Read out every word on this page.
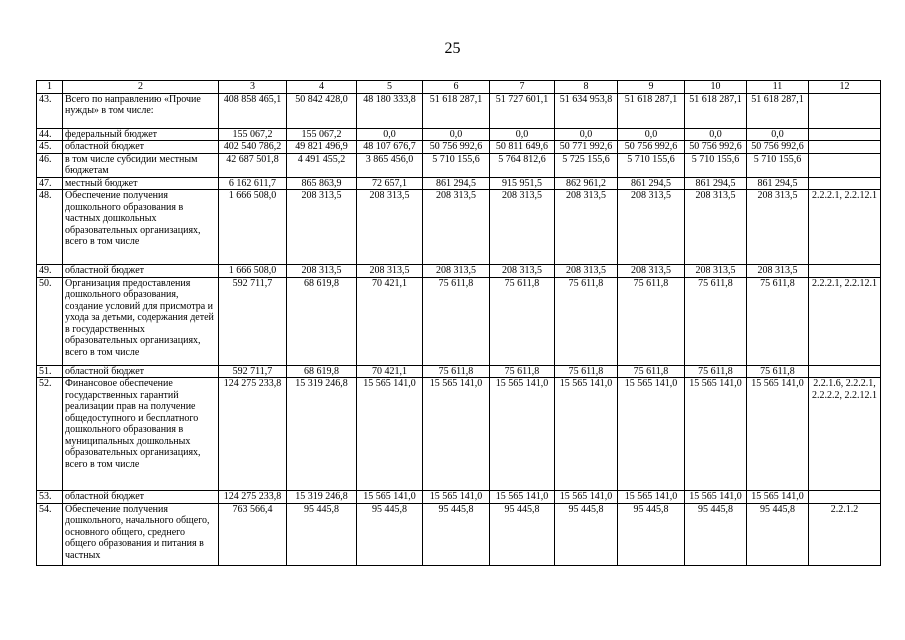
25
1	2	3	4	5	6	7	8	9	10	11	12
43.	Всего по направлению «Прочие нужды» в том числе:	408 858 465,1	50 842 428,0	48 180 333,8	51 618 287,1	51 727 601,1	51 634 953,8	51 618 287,1	51 618 287,1	51 618 287,1	
44.	федеральный бюджет	155 067,2	155 067,2	0,0	0,0	0,0	0,0	0,0	0,0	0,0	
45.	областной бюджет	402 540 786,2	49 821 496,9	48 107 676,7	50 756 992,6	50 811 649,6	50 771 992,6	50 756 992,6	50 756 992,6	50 756 992,6	
46.	в том числе субсидии местным бюджетам	42 687 501,8	4 491 455,2	3 865 456,0	5 710 155,6	5 764 812,6	5 725 155,6	5 710 155,6	5 710 155,6	5 710 155,6	
47.	местный бюджет	6 162 611,7	865 863,9	72 657,1	861 294,5	915 951,5	862 961,2	861 294,5	861 294,5	861 294,5	
48.	Обеспечение получения дошкольного образования в частных дошкольных образовательных организациях, всего в том числе	1 666 508,0	208 313,5	208 313,5	208 313,5	208 313,5	208 313,5	208 313,5	208 313,5	208 313,5	2.2.2.1, 2.2.12.1
49.	областной бюджет	1 666 508,0	208 313,5	208 313,5	208 313,5	208 313,5	208 313,5	208 313,5	208 313,5	208 313,5	
50.	Организация предоставления дошкольного образования, создание условий для присмотра и ухода за детьми, содержания детей в государственных образовательных организациях, всего в том числе	592 711,7	68 619,8	70 421,1	75 611,8	75 611,8	75 611,8	75 611,8	75 611,8	75 611,8	2.2.2.1, 2.2.12.1
51.	областной бюджет	592 711,7	68 619,8	70 421,1	75 611,8	75 611,8	75 611,8	75 611,8	75 611,8	75 611,8	
52.	Финансовое обеспечение государственных гарантий реализации прав на получение общедоступного и бесплатного дошкольного образования в муниципальных дошкольных образовательных организациях, всего в том числе	124 275 233,8	15 319 246,8	15 565 141,0	15 565 141,0	15 565 141,0	15 565 141,0	15 565 141,0	15 565 141,0	15 565 141,0	2.2.1.6, 2.2.2.1, 2.2.2.2, 2.2.12.1
53.	областной бюджет	124 275 233,8	15 319 246,8	15 565 141,0	15 565 141,0	15 565 141,0	15 565 141,0	15 565 141,0	15 565 141,0	15 565 141,0	
54.	Обеспечение получения дошкольного, начального общего, основного общего, среднего общего образования и питания в частных	763 566,4	95 445,8	95 445,8	95 445,8	95 445,8	95 445,8	95 445,8	95 445,8	95 445,8	2.2.1.2
